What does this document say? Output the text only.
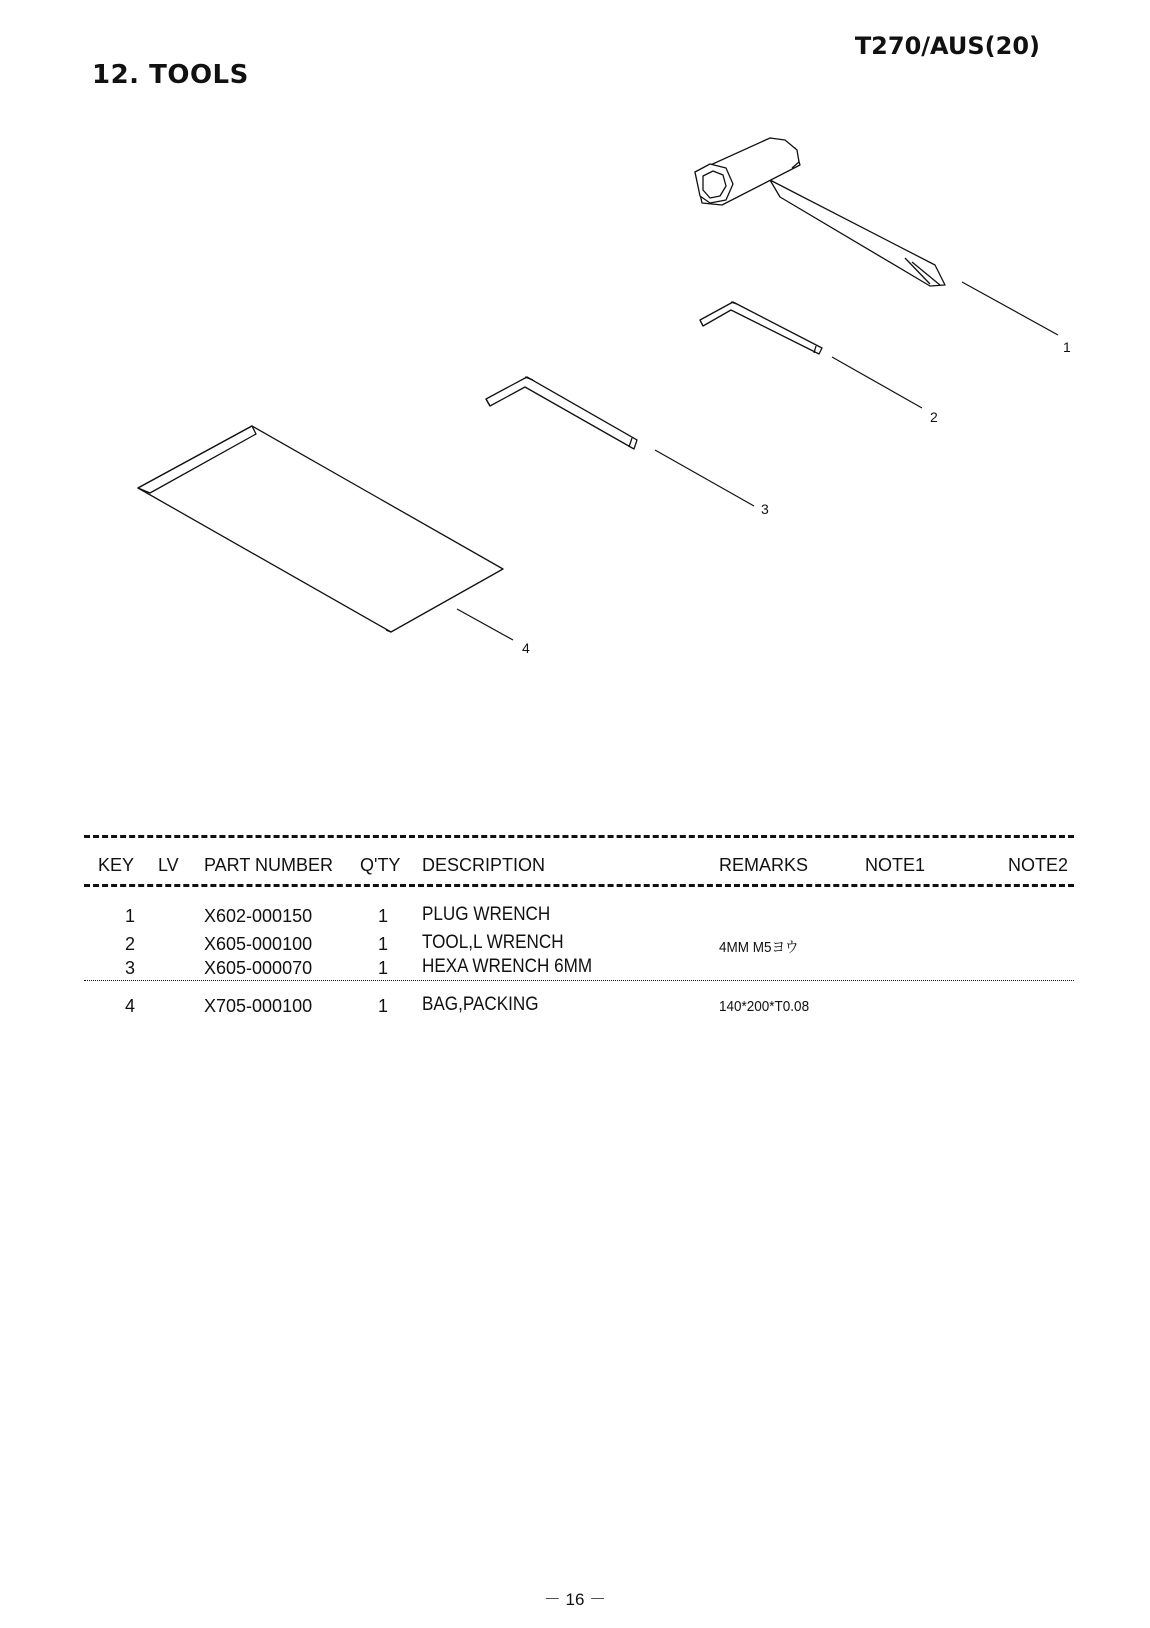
T270/AUS(20)
12. TOOLS
1
2
3
4
KEY LV PART NUMBER Q'TY DESCRIPTION	REMARKS	NOTE1	NOTE2
1	X602-000150	1 PLUG WRENCH
2	X605-000100	1 TOOL,L WRENCH	4MM M5ヨウ
3	X605-000070	1 HEXA WRENCH 6MM
4	X705-000100	1 BAG,PACKING	140*200*T0.08
－ 16 －
